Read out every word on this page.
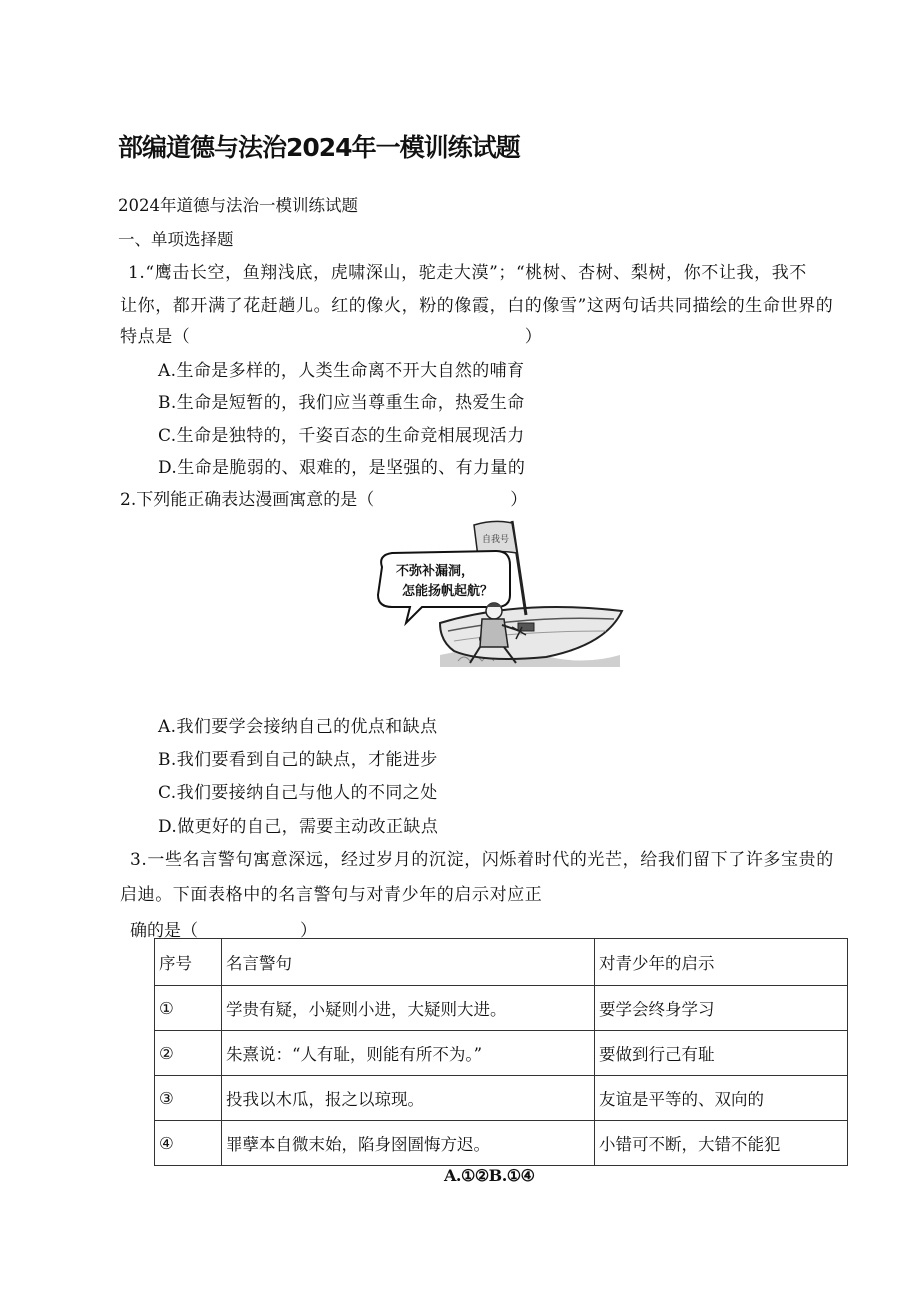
部编道德与法治2024年一模训练试题
2024年道德与法治一模训练试题
一、单项选择题
1.“鹰击长空，鱼翔浅底，虎啸深山，驼走大漠”；“桃树、杏树、梨树，你不让我，我不
让你，都开满了花赶趟儿。红的像火，粉的像霞，白的像雪”这两句话共同描绘的生命世界的
特点是（　　　　　　　　　　　　　　　　　　　）
A.生命是多样的，人类生命离不开大自然的哺育
B.生命是短暂的，我们应当尊重生命，热爱生命
C.生命是独特的，千姿百态的生命竞相展现活力
D.生命是脆弱的、艰难的，是坚强的、有力量的
2.下列能正确表达漫画寓意的是（　　　　　　　　）
自我号
不弥补漏洞，
怎能扬帆起航？
A.我们要学会接纳自己的优点和缺点
B.我们要看到自己的缺点，才能进步
C.我们要接纳自己与他人的不同之处
D.做更好的自己，需要主动改正缺点
3.一些名言警句寓意深远，经过岁月的沉淀，闪烁着时代的光芒，给我们留下了许多宝贵的
启迪。下面表格中的名言警句与对青少年的启示对应正
确的是（　　　　　　）
序号	名言警句	对青少年的启示
①	学贵有疑，小疑则小进，大疑则大进。	要学会终身学习
②	朱熹说：“人有耻，则能有所不为。”	要做到行己有耻
③	投我以木瓜，报之以琼现。	友谊是平等的、双向的
④	罪孽本自微末始，陷身囹圄悔方迟。	小错可不断，大错不能犯
A.①②B.①④
